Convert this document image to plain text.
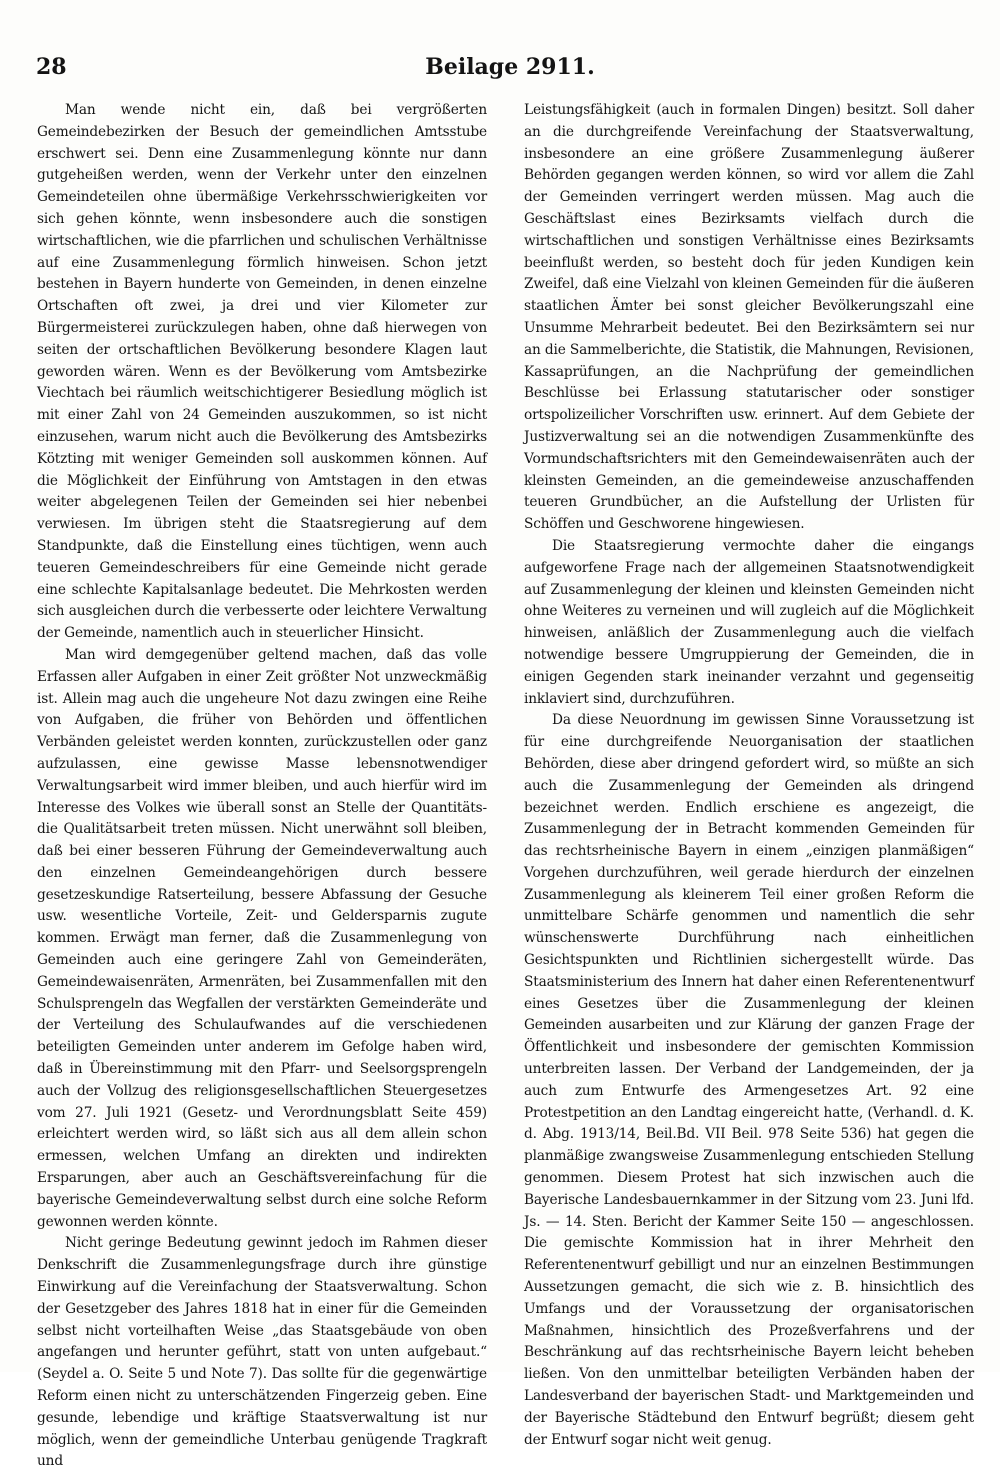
28	Beilage 2911.

Man wende nicht ein, daß bei vergrößerten Gemeindebezirken der Besuch der gemeindlichen Amtsstube erschwert sei. Denn eine Zusammenlegung könnte nur dann gutgeheißen werden, wenn der Verkehr unter den einzelnen Gemeindeteilen ohne übermäßige Verkehrsschwierigkeiten vor sich gehen könnte, wenn insbesondere auch die sonstigen wirtschaftlichen, wie die pfarrlichen und schulischen Verhältnisse auf eine Zusammenlegung förmlich hinweisen. Schon jetzt bestehen in Bayern hunderte von Gemeinden, in denen einzelne Ortschaften oft zwei, ja drei und vier Kilometer zur Bürgermeisterei zurückzulegen haben, ohne daß hierwegen von seiten der ortschaftlichen Bevölkerung besondere Klagen laut geworden wären. Wenn es der Bevölkerung vom Amtsbezirke Viechtach bei räumlich weitschichtigerer Besiedlung möglich ist mit einer Zahl von 24 Gemeinden auszukommen, so ist nicht einzusehen, warum nicht auch die Bevölkerung des Amtsbezirks Kötzting mit weniger Gemeinden soll auskommen können. Auf die Möglichkeit der Einführung von Amtstagen in den etwas weiter abgelegenen Teilen der Gemeinden sei hier nebenbei verwiesen. Im übrigen steht die Staatsregierung auf dem Standpunkte, daß die Einstellung eines tüchtigen, wenn auch teueren Gemeindeschreibers für eine Gemeinde nicht gerade eine schlechte Kapitalsanlage bedeutet. Die Mehrkosten werden sich ausgleichen durch die verbesserte oder leichtere Verwaltung der Gemeinde, namentlich auch in steuerlicher Hinsicht.

Man wird demgegenüber geltend machen, daß das volle Erfassen aller Aufgaben in einer Zeit größter Not unzweckmäßig ist. Allein mag auch die ungeheure Not dazu zwingen eine Reihe von Aufgaben, die früher von Behörden und öffentlichen Verbänden geleistet werden konnten, zurückzustellen oder ganz aufzulassen, eine gewisse Masse lebensnotwendiger Verwaltungsarbeit wird immer bleiben, und auch hierfür wird im Interesse des Volkes wie überall sonst an Stelle der Quantitäts- die Qualitätsarbeit treten müssen. Nicht unerwähnt soll bleiben, daß bei einer besseren Führung der Gemeindeverwaltung auch den einzelnen Gemeindeangehörigen durch bessere gesetzeskundige Ratserteilung, bessere Abfassung der Gesuche usw. wesentliche Vorteile, Zeit- und Geldersparnis zugute kommen. Erwägt man ferner, daß die Zusammenlegung von Gemeinden auch eine geringere Zahl von Gemeinderäten, Gemeindewaisenräten, Armenräten, bei Zusammenfallen mit den Schulsprengeln das Wegfallen der verstärkten Gemeinderäte und der Verteilung des Schulaufwandes auf die verschiedenen beteiligten Gemeinden unter anderem im Gefolge haben wird, daß in Übereinstimmung mit den Pfarr- und Seelsorgsprengeln auch der Vollzug des religionsgesellschaftlichen Steuergesetzes vom 27. Juli 1921 (Gesetz- und Verordnungsblatt Seite 459) erleichtert werden wird, so läßt sich aus all dem allein schon ermessen, welchen Umfang an direkten und indirekten Ersparungen, aber auch an Geschäftsvereinfachung für die bayerische Gemeindeverwaltung selbst durch eine solche Reform gewonnen werden könnte.

Nicht geringe Bedeutung gewinnt jedoch im Rahmen dieser Denkschrift die Zusammenlegungsfrage durch ihre günstige Einwirkung auf die Vereinfachung der Staatsverwaltung. Schon der Gesetzgeber des Jahres 1818 hat in einer für die Gemeinden selbst nicht vorteilhaften Weise „das Staatsgebäude von oben angefangen und herunter geführt, statt von unten aufgebaut.“ (Seydel a. O. Seite 5 und Note 7). Das sollte für die gegenwärtige Reform einen nicht zu unterschätzenden Fingerzeig geben. Eine gesunde, lebendige und kräftige Staatsverwaltung ist nur möglich, wenn der gemeindliche Unterbau genügende Tragkraft und

Leistungsfähigkeit (auch in formalen Dingen) besitzt. Soll daher an die durchgreifende Vereinfachung der Staatsverwaltung, insbesondere an eine größere Zusammenlegung äußerer Behörden gegangen werden können, so wird vor allem die Zahl der Gemeinden verringert werden müssen. Mag auch die Geschäftslast eines Bezirksamts vielfach durch die wirtschaftlichen und sonstigen Verhältnisse eines Bezirksamts beeinflußt werden, so besteht doch für jeden Kundigen kein Zweifel, daß eine Vielzahl von kleinen Gemeinden für die äußeren staatlichen Ämter bei sonst gleicher Bevölkerungszahl eine Unsumme Mehrarbeit bedeutet. Bei den Bezirksämtern sei nur an die Sammelberichte, die Statistik, die Mahnungen, Revisionen, Kassaprüfungen, an die Nachprüfung der gemeindlichen Beschlüsse bei Erlassung statutarischer oder sonstiger ortspolizeilicher Vorschriften usw. erinnert. Auf dem Gebiete der Justizverwaltung sei an die notwendigen Zusammenkünfte des Vormundschaftsrichters mit den Gemeindewaisenräten auch der kleinsten Gemeinden, an die gemeindeweise anzuschaffenden teueren Grundbücher, an die Aufstellung der Urlisten für Schöffen und Geschworene hingewiesen.

Die Staatsregierung vermochte daher die eingangs aufgeworfene Frage nach der allgemeinen Staatsnotwendigkeit auf Zusammenlegung der kleinen und kleinsten Gemeinden nicht ohne Weiteres zu verneinen und will zugleich auf die Möglichkeit hinweisen, anläßlich der Zusammenlegung auch die vielfach notwendige bessere Umgruppierung der Gemeinden, die in einigen Gegenden stark ineinander verzahnt und gegenseitig inklaviert sind, durchzuführen.

Da diese Neuordnung im gewissen Sinne Voraussetzung ist für eine durchgreifende Neuorganisation der staatlichen Behörden, diese aber dringend gefordert wird, so müßte an sich auch die Zusammenlegung der Gemeinden als dringend bezeichnet werden. Endlich erschiene es angezeigt, die Zusammenlegung der in Betracht kommenden Gemeinden für das rechtsrheinische Bayern in einem „einzigen planmäßigen“ Vorgehen durchzuführen, weil gerade hierdurch der einzelnen Zusammenlegung als kleinerem Teil einer großen Reform die unmittelbare Schärfe genommen und namentlich die sehr wünschenswerte Durchführung nach einheitlichen Gesichtspunkten und Richtlinien sichergestellt würde. Das Staatsministerium des Innern hat daher einen Referentenentwurf eines Gesetzes über die Zusammenlegung der kleinen Gemeinden ausarbeiten und zur Klärung der ganzen Frage der Öffentlichkeit und insbesondere der gemischten Kommission unterbreiten lassen. Der Verband der Landgemeinden, der ja auch zum Entwurfe des Armengesetzes Art. 92 eine Protestpetition an den Landtag eingereicht hatte, (Verhandl. d. K. d. Abg. 1913/14, Beil.Bd. VII Beil. 978 Seite 536) hat gegen die planmäßige zwangsweise Zusammenlegung entschieden Stellung genommen. Diesem Protest hat sich inzwischen auch die Bayerische Landesbauernkammer in der Sitzung vom 23. Juni lfd. Js. — 14. Sten. Bericht der Kammer Seite 150 — angeschlossen. Die gemischte Kommission hat in ihrer Mehrheit den Referentenentwurf gebilligt und nur an einzelnen Bestimmungen Aussetzungen gemacht, die sich wie z. B. hinsichtlich des Umfangs und der Voraussetzung der organisatorischen Maßnahmen, hinsichtlich des Prozeßverfahrens und der Beschränkung auf das rechtsrheinische Bayern leicht beheben ließen. Von den unmittelbar beteiligten Verbänden haben der Landesverband der bayerischen Stadt- und Marktgemeinden und der Bayerische Städtebund den Entwurf begrüßt; diesem geht der Entwurf sogar nicht weit genug.
